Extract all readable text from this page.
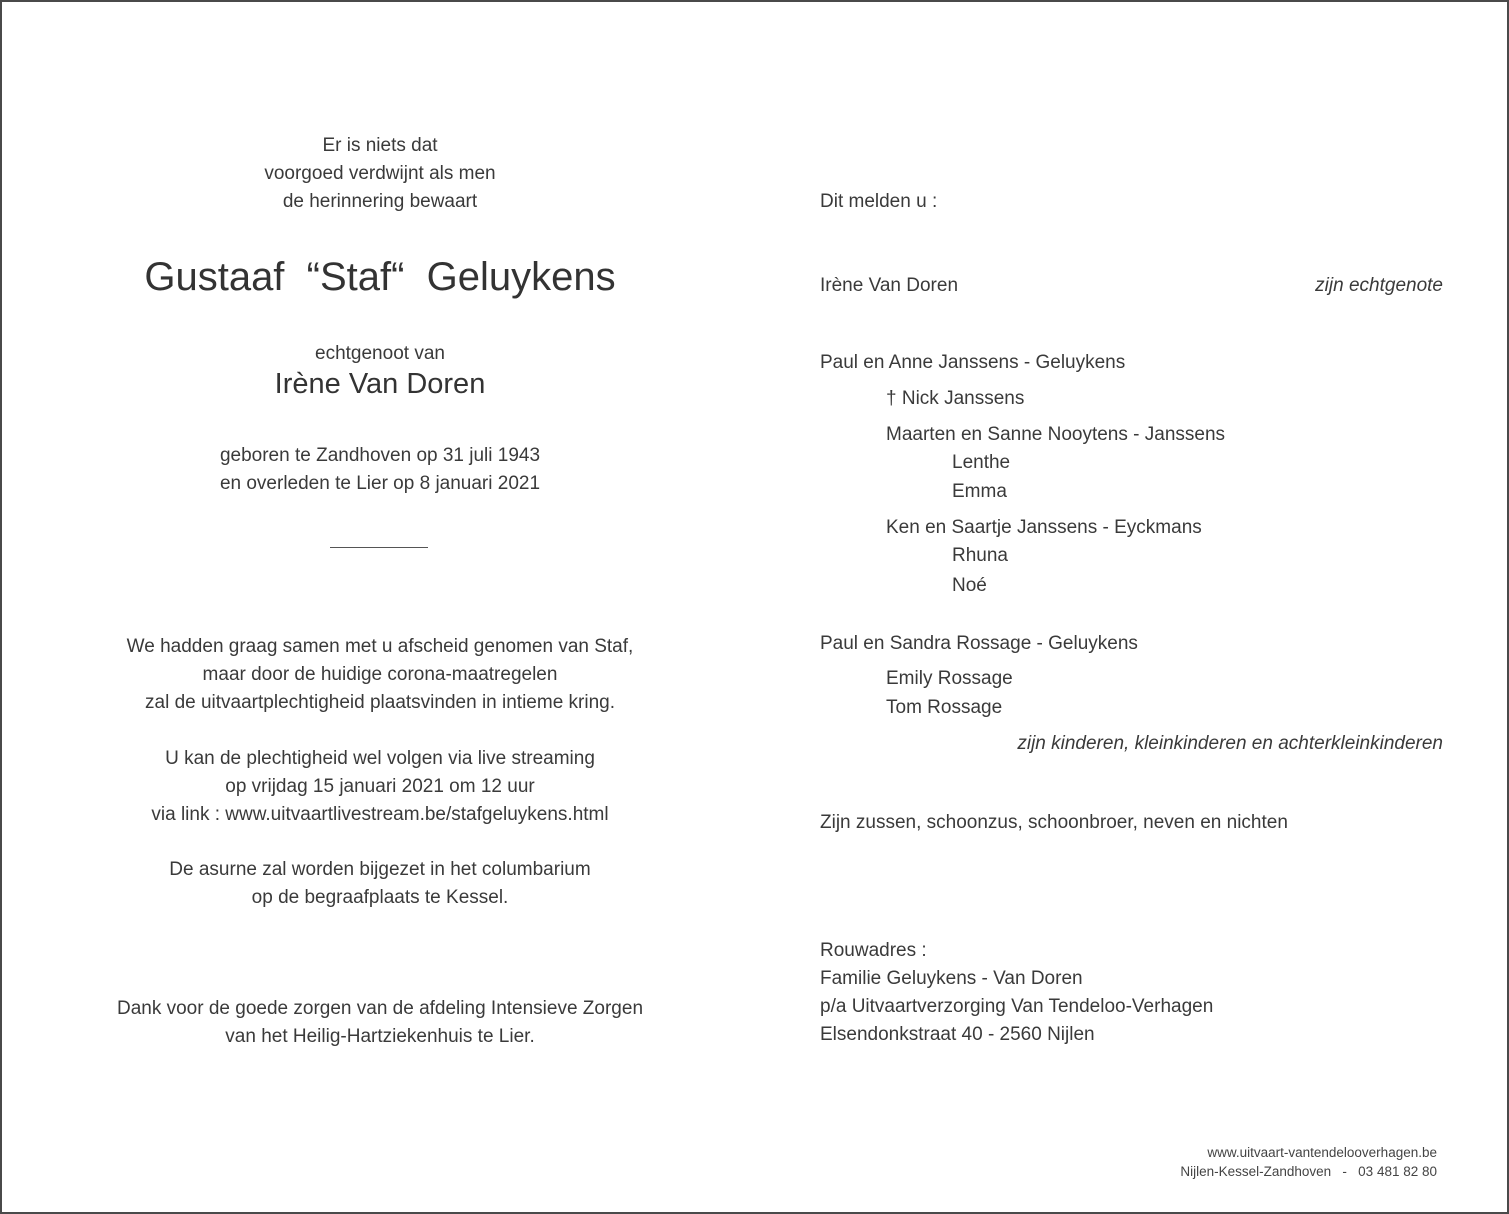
Er is niets dat
voorgoed verdwijnt als men
de herinnering bewaart
Gustaaf  “Staf“  Geluykens
echtgenoot van
Irène Van Doren
geboren te Zandhoven op 31 juli 1943
en overleden te Lier op 8 januari 2021
We hadden graag samen met u afscheid genomen van Staf,
maar door de huidige corona-maatregelen
zal de uitvaartplechtigheid plaatsvinden in intieme kring.
U kan de plechtigheid wel volgen via live streaming
op vrijdag 15 januari 2021 om 12 uur
via link : www.uitvaartlivestream.be/stafgeluykens.html
De asurne zal worden bijgezet in het columbarium
op de begraafplaats te Kessel.
Dank voor de goede zorgen van de afdeling Intensieve Zorgen
van het Heilig-Hartziekenhuis te Lier.
Dit melden u :
Irène Van Doren	zijn echtgenote
Paul en Anne Janssens - Geluykens
† Nick Janssens
Maarten en Sanne Nooytens - Janssens
Lenthe
Emma
Ken en Saartje Janssens - Eyckmans
Rhuna
Noé
Paul en Sandra Rossage - Geluykens
Emily Rossage
Tom Rossage
zijn kinderen, kleinkinderen en achterkleinkinderen
Zijn zussen, schoonzus, schoonbroer, neven en nichten
Rouwadres :
Familie Geluykens - Van Doren
p/a Uitvaartverzorging Van Tendeloo-Verhagen
Elsendonkstraat 40 - 2560 Nijlen
www.uitvaart-vantendelooverhagen.be
Nijlen-Kessel-Zandhoven   -   03 481 82 80
